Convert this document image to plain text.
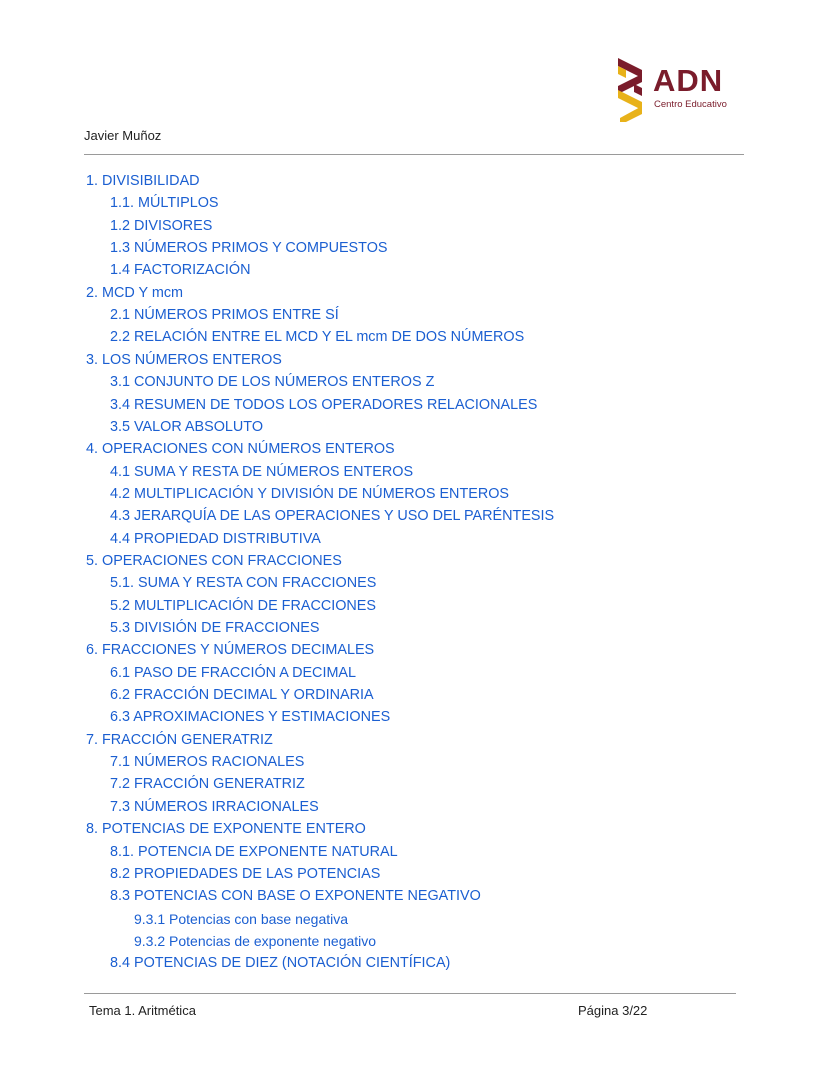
ADN
Centro Educativo
Javier Muñoz
1. DIVISIBILIDAD
1.1. MÚLTIPLOS
1.2 DIVISORES
1.3 NÚMEROS PRIMOS Y COMPUESTOS
1.4 FACTORIZACIÓN
2. MCD Y mcm
2.1 NÚMEROS PRIMOS ENTRE SÍ
2.2 RELACIÓN ENTRE EL MCD Y EL mcm DE DOS NÚMEROS
3. LOS NÚMEROS ENTEROS
3.1 CONJUNTO DE LOS NÚMEROS ENTEROS Z
3.4 RESUMEN DE TODOS LOS OPERADORES RELACIONALES
3.5 VALOR ABSOLUTO
4. OPERACIONES CON NÚMEROS ENTEROS
4.1 SUMA Y RESTA DE NÚMEROS ENTEROS
4.2 MULTIPLICACIÓN Y DIVISIÓN DE NÚMEROS ENTEROS
4.3 JERARQUÍA DE LAS OPERACIONES Y USO DEL PARÉNTESIS
4.4 PROPIEDAD DISTRIBUTIVA
5. OPERACIONES CON FRACCIONES
5.1. SUMA Y RESTA CON FRACCIONES
5.2 MULTIPLICACIÓN DE FRACCIONES
5.3 DIVISIÓN DE FRACCIONES
6. FRACCIONES Y NÚMEROS DECIMALES
6.1 PASO DE FRACCIÓN A DECIMAL
6.2 FRACCIÓN DECIMAL Y ORDINARIA
6.3 APROXIMACIONES Y ESTIMACIONES
7. FRACCIÓN GENERATRIZ
7.1 NÚMEROS RACIONALES
7.2 FRACCIÓN GENERATRIZ
7.3 NÚMEROS IRRACIONALES
8. POTENCIAS DE EXPONENTE ENTERO
8.1. POTENCIA DE EXPONENTE NATURAL
8.2 PROPIEDADES DE LAS POTENCIAS
8.3 POTENCIAS CON BASE O EXPONENTE NEGATIVO
9.3.1 Potencias con base negativa
9.3.2 Potencias de exponente negativo
8.4 POTENCIAS DE DIEZ (NOTACIÓN CIENTÍFICA)
Tema 1. Aritmética	Página 3/22
